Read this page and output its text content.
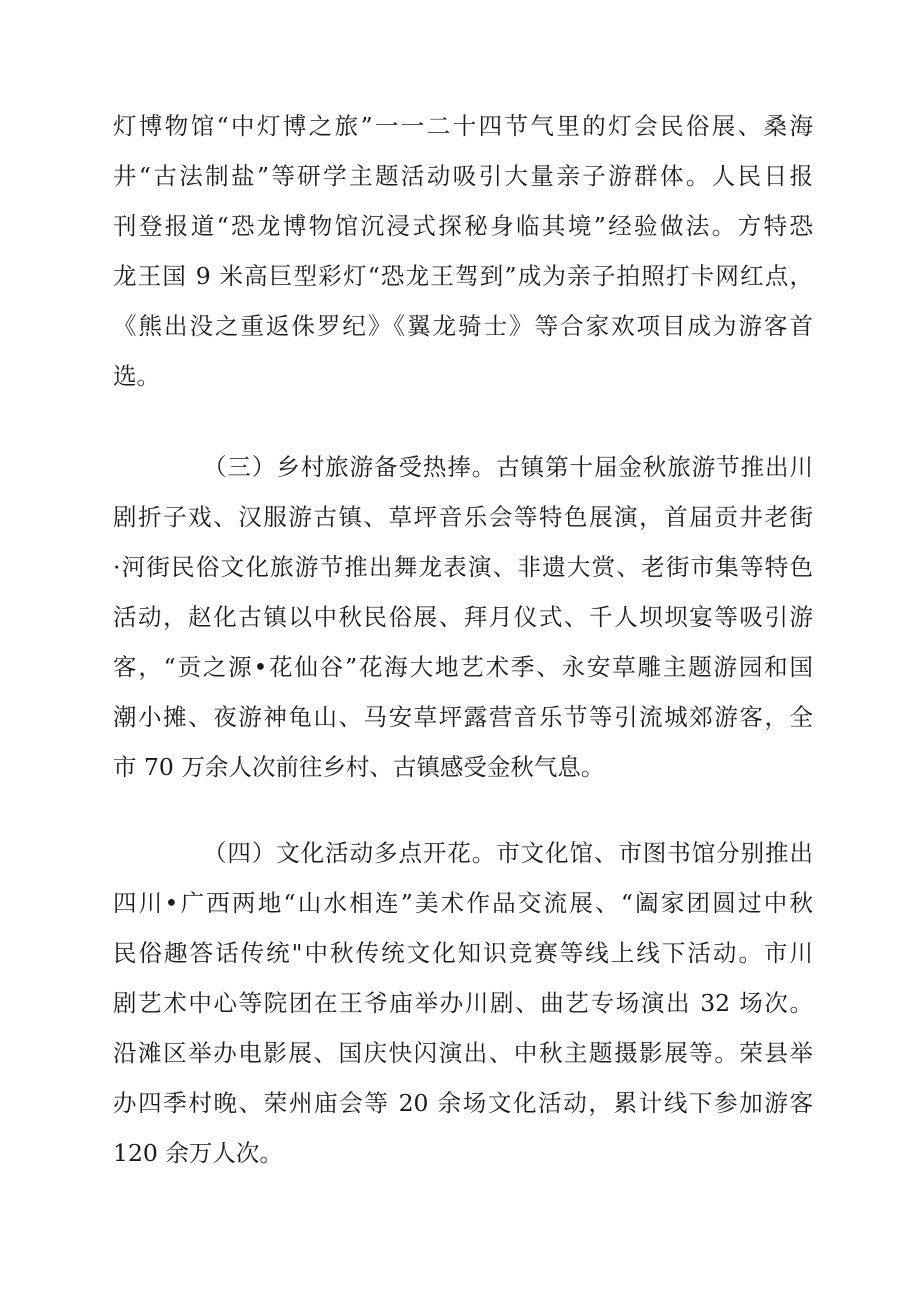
灯博物馆“中灯博之旅”一一二十四节气里的灯会民俗展、桑海
井“古法制盐”等研学主题活动吸引大量亲子游群体。人民日报
刊登报道“恐龙博物馆沉浸式探秘身临其境”经验做法。方特恐
龙王国 9 米高巨型彩灯“恐龙王驾到”成为亲子拍照打卡网红点，
《熊出没之重返侏罗纪》《翼龙骑士》等合家欢项目成为游客首
选。

（三）乡村旅游备受热捧。古镇第十届金秋旅游节推出川
剧折子戏、汉服游古镇、草坪音乐会等特色展演，首届贡井老街
·河街民俗文化旅游节推出舞龙表演、非遗大赏、老街市集等特色
活动，赵化古镇以中秋民俗展、拜月仪式、千人坝坝宴等吸引游
客，“贡之源•花仙谷”花海大地艺术季、永安草雕主题游园和国
潮小摊、夜游神龟山、马安草坪露营音乐节等引流城郊游客，全
市 70 万余人次前往乡村、古镇感受金秋气息。

（四）文化活动多点开花。市文化馆、市图书馆分别推出
四川•广西两地“山水相连”美术作品交流展、“阖家团圆过中秋
民俗趣答话传统"中秋传统文化知识竞赛等线上线下活动。市川
剧艺术中心等院团在王爷庙举办川剧、曲艺专场演出 32 场次。
沿滩区举办电影展、国庆快闪演出、中秋主题摄影展等。荣县举
办四季村晚、荣州庙会等 20 余场文化活动，累计线下参加游客
120 余万人次。
